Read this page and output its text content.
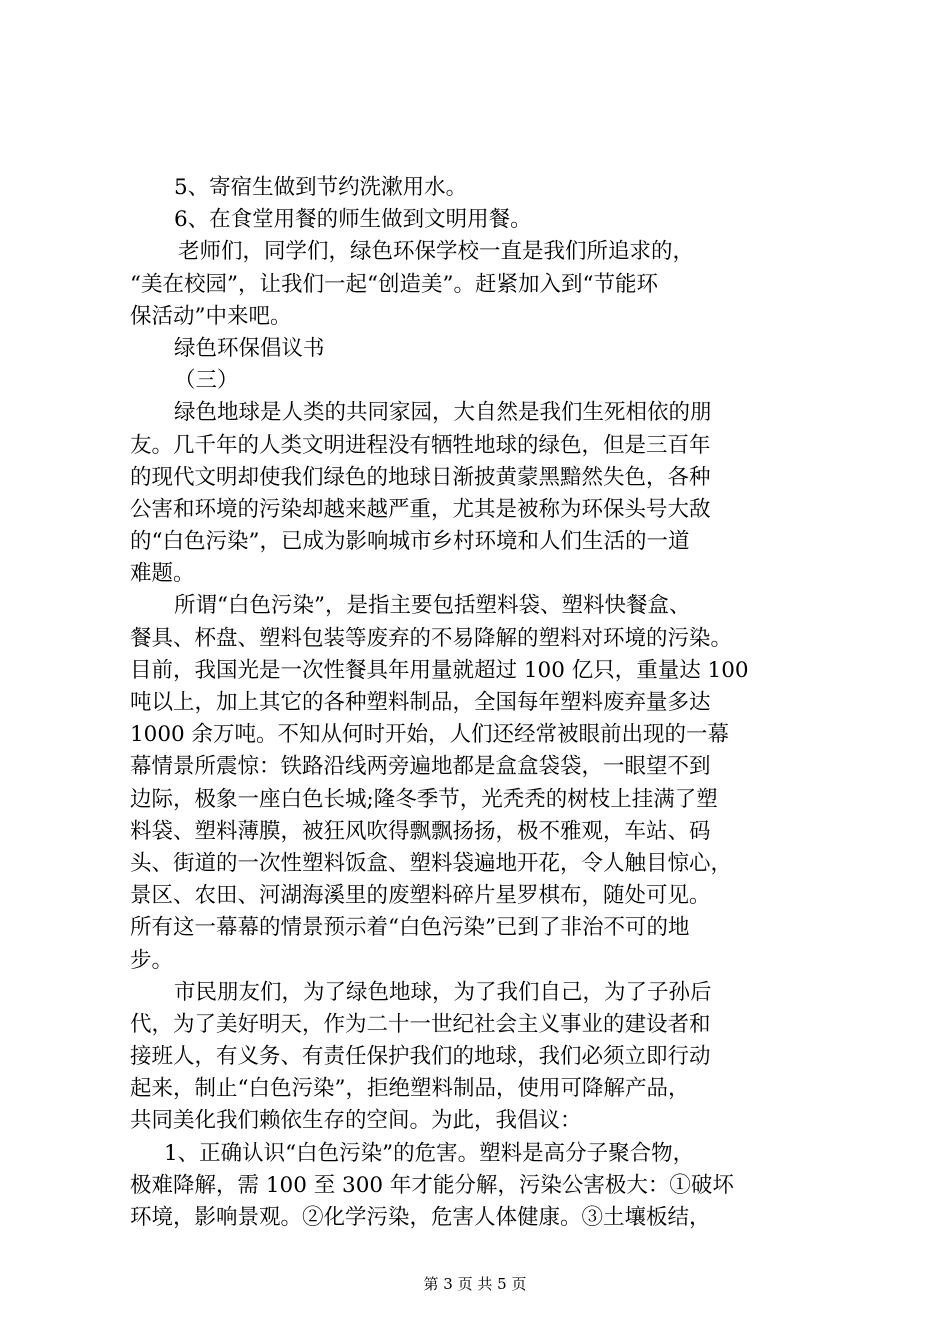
5、寄宿生做到节约洗漱用水。
6、在食堂用餐的师生做到文明用餐。
老师们，同学们，绿色环保学校一直是我们所追求的，
“美在校园”，让我们一起“创造美”。赶紧加入到“节能环
保活动”中来吧。
绿色环保倡议书
（三）
绿色地球是人类的共同家园，大自然是我们生死相依的朋
友。几千年的人类文明进程没有牺牲地球的绿色，但是三百年
的现代文明却使我们绿色的地球日渐披黄蒙黑黯然失色，各种
公害和环境的污染却越来越严重，尤其是被称为环保头号大敌
的“白色污染”，已成为影响城市乡村环境和人们生活的一道
难题。
所谓“白色污染”，是指主要包括塑料袋、塑料快餐盒、
餐具、杯盘、塑料包装等废弃的不易降解的塑料对环境的污染。
目前，我国光是一次性餐具年用量就超过 100 亿只，重量达 100
吨以上，加上其它的各种塑料制品，全国每年塑料废弃量多达
1000 余万吨。不知从何时开始，人们还经常被眼前出现的一幕
幕情景所震惊：铁路沿线两旁遍地都是盒盒袋袋，一眼望不到
边际，极象一座白色长城;隆冬季节，光秃秃的树枝上挂满了塑
料袋、塑料薄膜，被狂风吹得飘飘扬扬，极不雅观，车站、码
头、街道的一次性塑料饭盒、塑料袋遍地开花，令人触目惊心，
景区、农田、河湖海溪里的废塑料碎片星罗棋布，随处可见。
所有这一幕幕的情景预示着“白色污染”已到了非治不可的地
步。
市民朋友们，为了绿色地球，为了我们自己，为了子孙后
代，为了美好明天，作为二十一世纪社会主义事业的建设者和
接班人，有义务、有责任保护我们的地球，我们必须立即行动
起来，制止“白色污染”，拒绝塑料制品，使用可降解产品，
共同美化我们赖依生存的空间。为此，我倡议：
1、正确认识“白色污染”的危害。塑料是高分子聚合物，
极难降解，需 100 至 300 年才能分解，污染公害极大：①破坏
环境，影响景观。②化学污染，危害人体健康。③土壤板结，
第 3 页 共 5 页
